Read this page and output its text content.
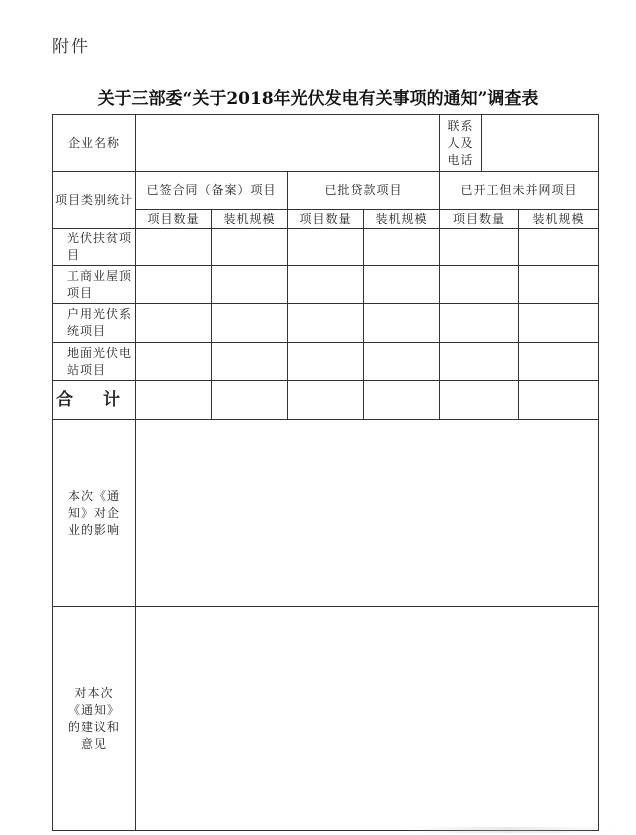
附件
关于三部委“关于2018年光伏发电有关事项的通知”调查表
企业名称					联系人及电话		
项目类别统计	已签合同（备案）项目		已批贷款项目		已开工但未并网项目		
	项目数量	装机规模	项目数量	装机规模	项目数量		装机规模
光伏扶贫项目							
工商业屋顶项目							
户用光伏系统项目							
地面光伏电站项目							
合 计							
本次《通知》对企业的影响							
对本次《通知》的建议和意见							
